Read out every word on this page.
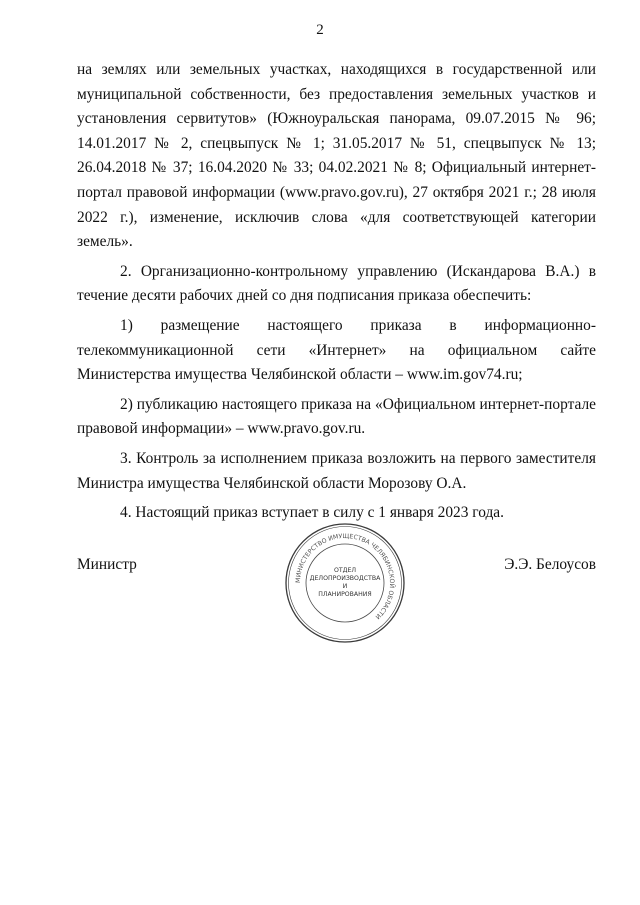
2

на землях или земельных участках, находящихся в государственной или муниципальной собственности, без предоставления земельных участков и установления сервитутов» (Южноуральская панорама, 09.07.2015 № 96; 14.01.2017 № 2, спецвыпуск № 1; 31.05.2017 № 51, спецвыпуск № 13; 26.04.2018 № 37; 16.04.2020 № 33; 04.02.2021 № 8; Официальный интернет-портал правовой информации (www.pravo.gov.ru), 27 октября 2021 г.; 28 июля 2022 г.), изменение, исключив слова «для соответствующей категории земель».

2. Организационно-контрольному управлению (Искандарова В.А.) в течение десяти рабочих дней со дня подписания приказа обеспечить:

1) размещение настоящего приказа в информационно-телекоммуникационной сети «Интернет» на официальном сайте Министерства имущества Челябинской области – www.im.gov74.ru;

2) публикацию настоящего приказа на «Официальном интернет-портале правовой информации» – www.pravo.gov.ru.

3. Контроль за исполнением приказа возложить на первого заместителя Министра имущества Челябинской области Морозову О.А.

4. Настоящий приказ вступает в силу с 1 января 2023 года.

Министр	Э.Э. Белоусов
МИНИСТЕРСТВО ИМУЩЕСТВА ЧЕЛЯБИНСКОЙ ОБЛАСТИ
ОТДЕЛ
ДЕЛОПРОИЗВОДСТВА
И
ПЛАНИРОВАНИЯ
